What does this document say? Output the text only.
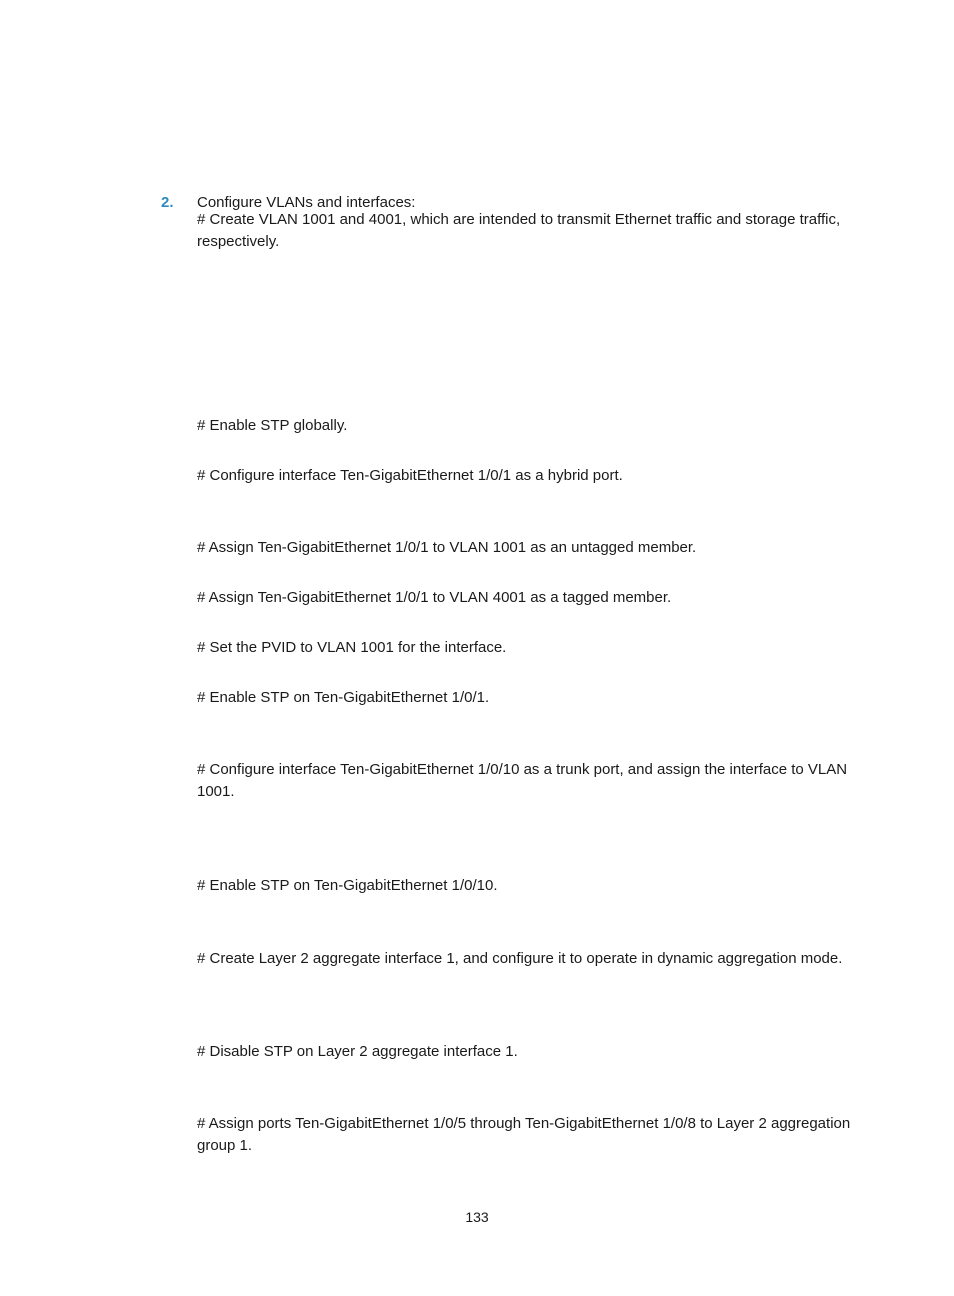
2. Configure VLANs and interfaces:

# Create VLAN 1001 and 4001, which are intended to transmit Ethernet traffic and storage traffic, respectively.

# Enable STP globally.

# Configure interface Ten-GigabitEthernet 1/0/1 as a hybrid port.

# Assign Ten-GigabitEthernet 1/0/1 to VLAN 1001 as an untagged member.

# Assign Ten-GigabitEthernet 1/0/1 to VLAN 4001 as a tagged member.

# Set the PVID to VLAN 1001 for the interface.

# Enable STP on Ten-GigabitEthernet 1/0/1.

# Configure interface Ten-GigabitEthernet 1/0/10 as a trunk port, and assign the interface to VLAN 1001.

# Enable STP on Ten-GigabitEthernet 1/0/10.

# Create Layer 2 aggregate interface 1, and configure it to operate in dynamic aggregation mode.

# Disable STP on Layer 2 aggregate interface 1.

# Assign ports Ten-GigabitEthernet 1/0/5 through Ten-GigabitEthernet 1/0/8 to Layer 2 aggregation group 1.

133
